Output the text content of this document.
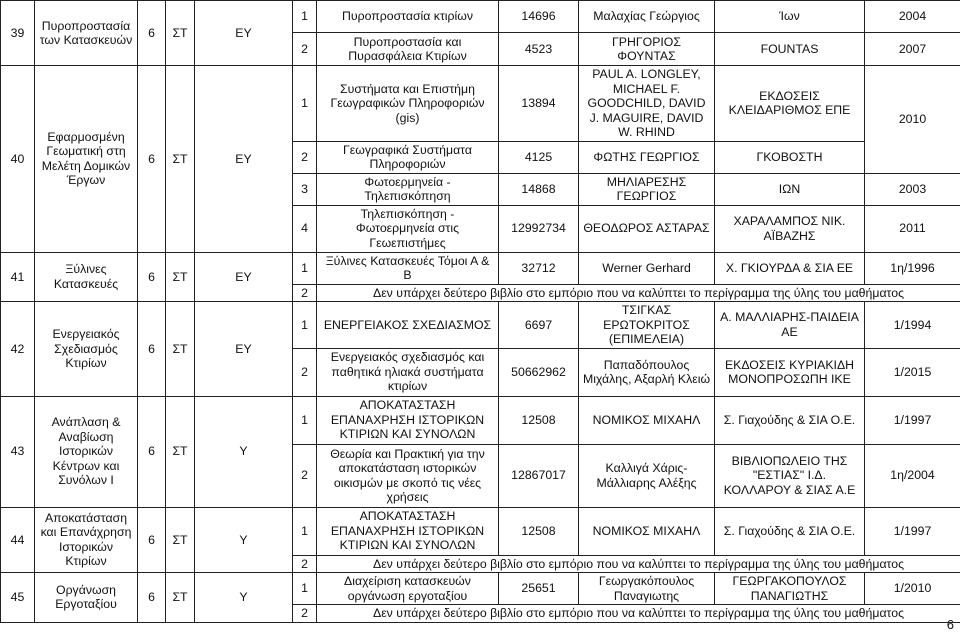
39	Πυροπροστασία των Κατασκευών	6	ΣΤ	ΕΥ	1	Πυροπροστασία κτιρίων	14696	Μαλαχίας Γεώργιος	Ίων	2004
					2	Πυροπροστασία και Πυρασφάλεια Κτιρίων	4523	ΓΡΗΓΟΡΙΟΣ ΦΟΥΝΤΑΣ	FOUNTAS	2007
40	Εφαρμοσμένη Γεωματική στη Μελέτη Δομικών Έργων	6	ΣΤ	ΕΥ	1	Συστήματα και Επιστήμη Γεωγραφικών Πληροφοριών (gis)	13894	PAUL A. LONGLEY, MICHAEL F. GOODCHILD, DAVID J. MAGUIRE, DAVID W. RHIND	ΕΚΔΟΣΕΙΣ ΚΛΕΙΔΑΡΙΘΜΟΣ ΕΠΕ	2010
					2	Γεωγραφικά Συστήματα Πληροφοριών	4125	ΦΩΤΗΣ ΓΕΩΡΓΙΟΣ	ΓΚΟΒΟΣΤΗ	
					3	Φωτοερμηνεία - Τηλεπισκόπηση	14868	ΜΗΛΙΑΡΕΣΗΣ ΓΕΩΡΓΙΟΣ	ΙΩΝ	2003
					4	Τηλεπισκόπηση - Φωτοερμηνεία στις Γεωεπιστήμες	12992734	ΘΕΟΔΩΡΟΣ ΑΣΤΑΡΑΣ	ΧΑΡΑΛΑΜΠΟΣ ΝΙΚ. ΑΪΒΑΖΗΣ	2011
41	Ξύλινες Κατασκευές	6	ΣΤ	ΕΥ	1	Ξύλινες Κατασκευές Τόμοι Α & Β	32712	Werner Gerhard	Χ. ΓΚΙΟΥΡΔΑ & ΣΙΑ ΕΕ	1η/1996
					2	Δεν υπάρχει δεύτερο βιβλίο στο εμπόριο που να καλύπτει το περίγραμμα της ύλης του μαθήματος				
42	Ενεργειακός Σχεδιασμός Κτιρίων	6	ΣΤ	ΕΥ	1	ΕΝΕΡΓΕΙΑΚΟΣ ΣΧΕΔΙΑΣΜΟΣ	6697	ΤΣΙΓΚΑΣ ΕΡΩΤΟΚΡΙΤΟΣ (ΕΠΙΜΕΛΕΙΑ)	Α. ΜΑΛΛΙΑΡΗΣ-ΠΑΙΔΕΙΑ ΑΕ	1/1994
					2	Ενεργειακός σχεδιασμός και παθητικά ηλιακά συστήματα κτιρίων	50662962	Παπαδόπουλος Μιχάλης, Αξαρλή Κλειώ	ΕΚΔΟΣΕΙΣ ΚΥΡΙΑΚΙΔΗ ΜΟΝΟΠΡΟΣΩΠΗ ΙΚΕ	1/2015
43	Ανάπλαση & Αναβίωση Ιστορικών Κέντρων και Συνόλων Ι	6	ΣΤ	Υ	1	ΑΠΟΚΑΤΑΣΤΑΣΗ ΕΠΑΝΑΧΡΗΣΗ ΙΣΤΟΡΙΚΩΝ ΚΤΙΡΙΩΝ ΚΑΙ ΣΥΝΟΛΩΝ	12508	ΝΟΜΙΚΟΣ ΜΙΧΑΗΛ	Σ. Γιαχούδης & ΣΙΑ Ο.Ε.	1/1997
					2	Θεωρία και Πρακτική για την αποκατάσταση ιστορικών οικισμών με σκοπό τις νέες χρήσεις	12867017	Καλλιγά Χάρις- Μάλλιαρης Αλέξης	ΒΙΒΛΙΟΠΩΛΕΙΟ ΤΗΣ "ΕΣΤΙΑΣ" Ι.Δ. ΚΟΛΛΑΡΟΥ & ΣΙΑΣ Α.Ε	1η/2004
44	Αποκατάσταση και Επανάχρηση Ιστορικών Κτιρίων	6	ΣΤ	Υ	1	ΑΠΟΚΑΤΑΣΤΑΣΗ ΕΠΑΝΑΧΡΗΣΗ ΙΣΤΟΡΙΚΩΝ ΚΤΙΡΙΩΝ ΚΑΙ ΣΥΝΟΛΩΝ	12508	ΝΟΜΙΚΟΣ ΜΙΧΑΗΛ	Σ. Γιαχούδης & ΣΙΑ Ο.Ε.	1/1997
					2	Δεν υπάρχει δεύτερο βιβλίο στο εμπόριο που να καλύπτει το περίγραμμα της ύλης του μαθήματος				
45	Οργάνωση Εργοταξίου	6	ΣΤ	Υ	1	Διαχείριση κατασκευών οργάνωση εργοταξίου	25651	Γεωργακόπουλος Παναγιωτης	ΓΕΩΡΓΑΚΟΠΟΥΛΟΣ ΠΑΝΑΓΙΩΤΗΣ	1/2010
					2	Δεν υπάρχει δεύτερο βιβλίο στο εμπόριο που να καλύπτει το περίγραμμα της ύλης του μαθήματος				
6
